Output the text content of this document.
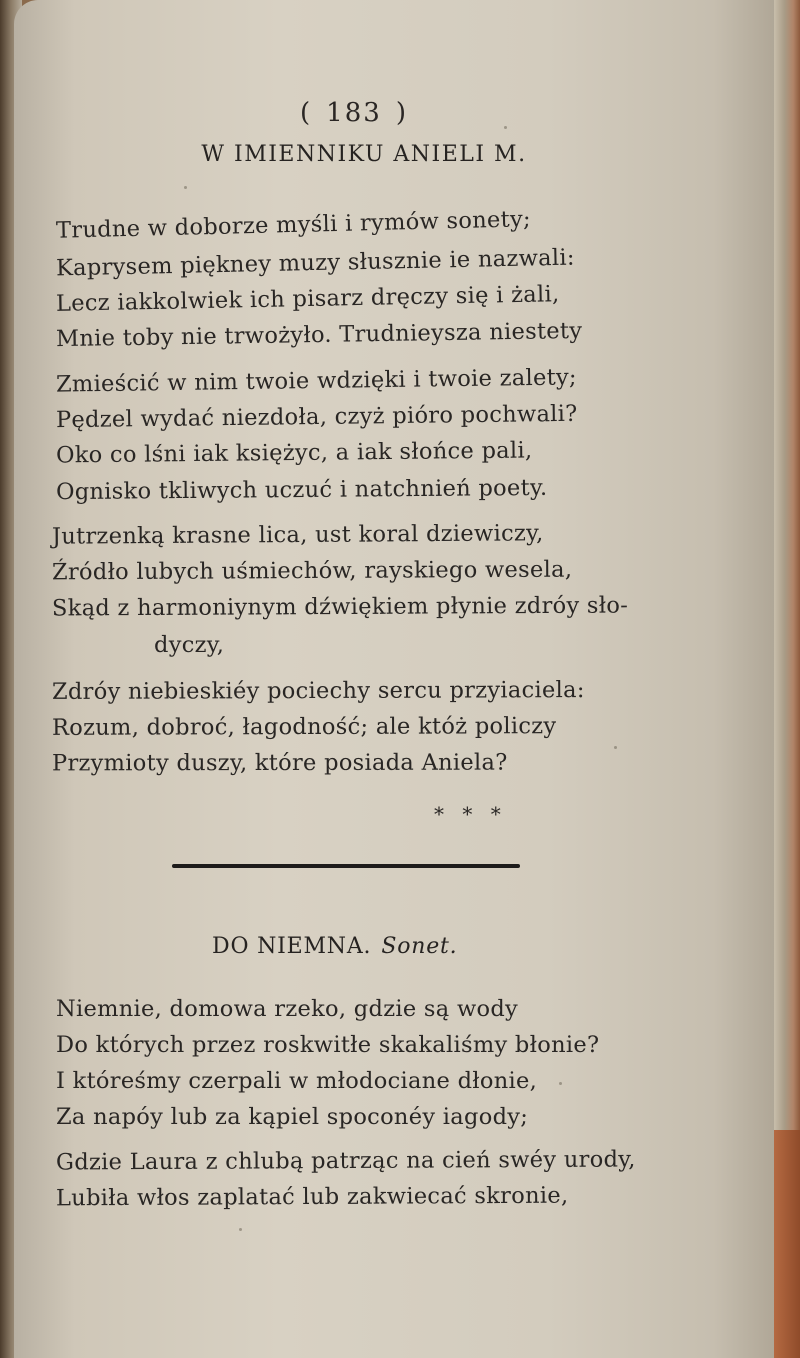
( 183 )
W IMIENNIKU ANIELI M.
Trudne w doborze myśli i rymów sonety;
Kaprysem piękney muzy słusznie ie nazwali:
Lecz iakkolwiek ich pisarz dręczy się i żali,
Mnie toby nie trwożyło. Trudnieysza niestety
Zmieścić w nim twoie wdzięki i twoie zalety;
Pędzel wydać niezdoła, czyż pióro pochwali?
Oko co lśni iak księżyc, a iak słońce pali,
Ognisko tkliwych uczuć i natchnień poety.
Jutrzenką krasne lica, ust koral dziewiczy,
Źródło lubych uśmiechów, rayskiego wesela,
Skąd z harmoniynym dźwiękiem płynie zdróy sło-
dyczy,
Zdróy niebieskiéy pociechy sercu przyiaciela:
Rozum, dobroć, łagodność; ale któż policzy
Przymioty duszy, które posiada Aniela?
* * *
DO NIEMNA. Sonet.
Niemnie, domowa rzeko, gdzie są wody
Do których przez roskwitłe skakaliśmy błonie?
I któreśmy czerpali w młodociane dłonie,
Za napóy lub za kąpiel spoconéy iagody;
Gdzie Laura z chlubą patrząc na cień swéy urody,
Lubiła włos zaplatać lub zakwiecać skronie,
